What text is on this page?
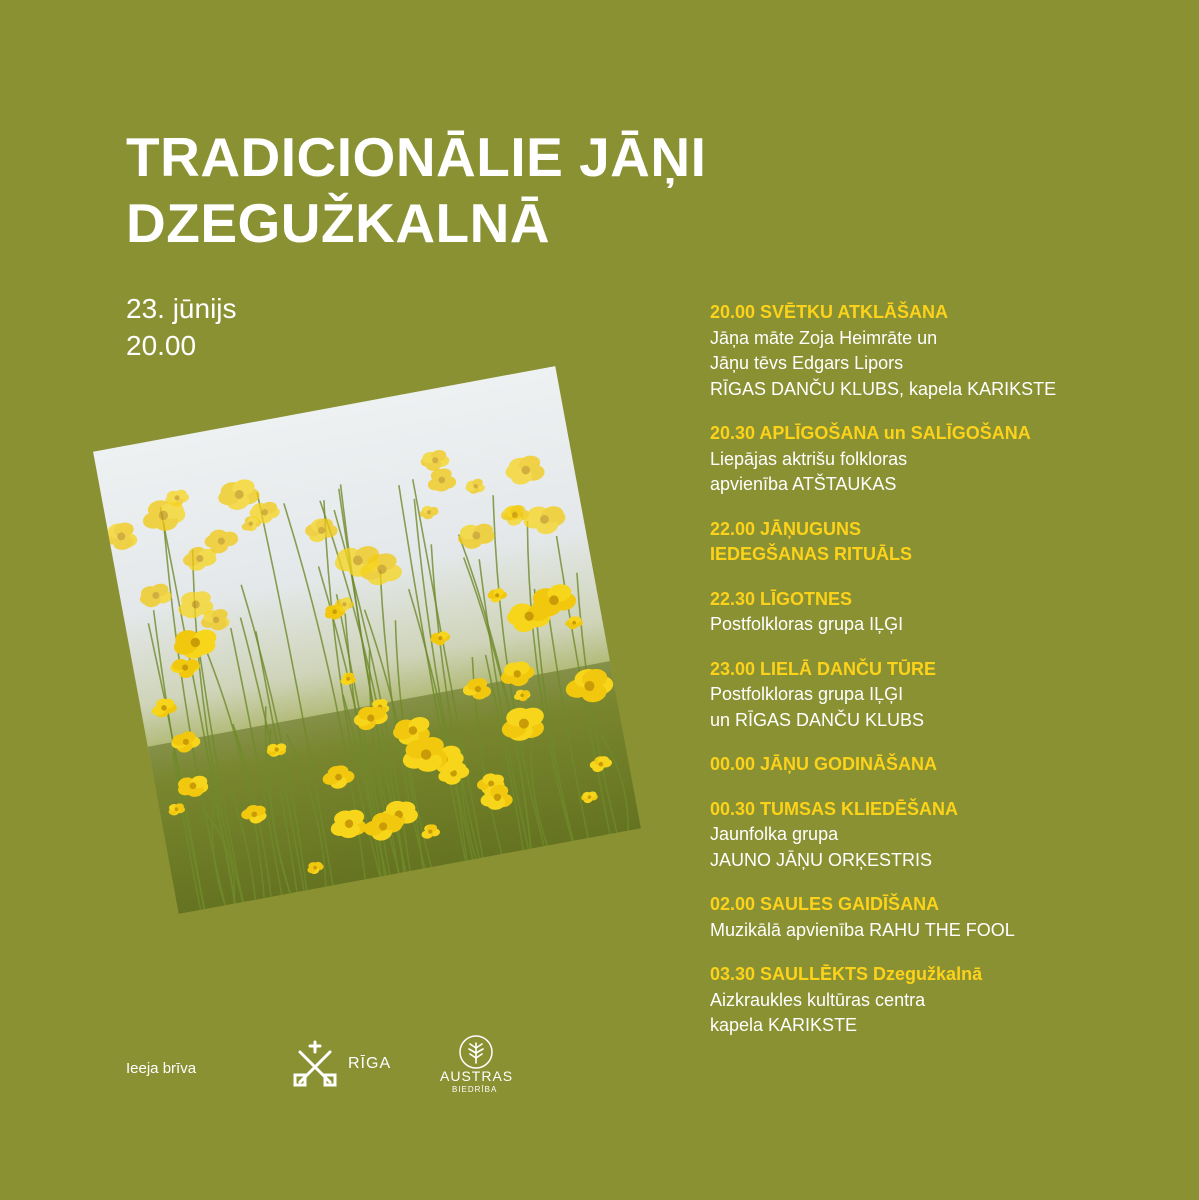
TRADICIONĀLIE JĀŅI
DZEGUŽKALNĀ
23. jūnijs
20.00
20.00 SVĒTKU ATKLĀŠANA
Jāņa māte Zoja Heimrāte un
Jāņu tēvs Edgars Lipors
RĪGAS DANČU KLUBS, kapela KARIKSTE
20.30 APLĪGOŠANA un SALĪGOŠANA
Liepājas aktrišu folkloras
apvienība ATŠTAUKAS
22.00 JĀŅUGUNS
IEDEGŠANAS RITUĀLS
22.30 LĪGOTNES
Postfolkloras grupa IĻĢI
23.00 LIELĀ DANČU TŪRE
Postfolkloras grupa IĻĢI
un RĪGAS DANČU KLUBS
00.00 JĀŅU GODINĀŠANA
00.30 TUMSAS KLIEDĒŠANA
Jaunfolka grupa
JAUNO JĀŅU ORĶESTRIS
02.00 SAULES GAIDĪŠANA
Muzikālā apvienība RAHU THE FOOL
03.30 SAULLĒKTS Dzegužkalnā
Aizkraukles kultūras centra
kapela KARIKSTE
Ieeja brīva	RĪGA
AUSTRAS
BIEDRĪBA
